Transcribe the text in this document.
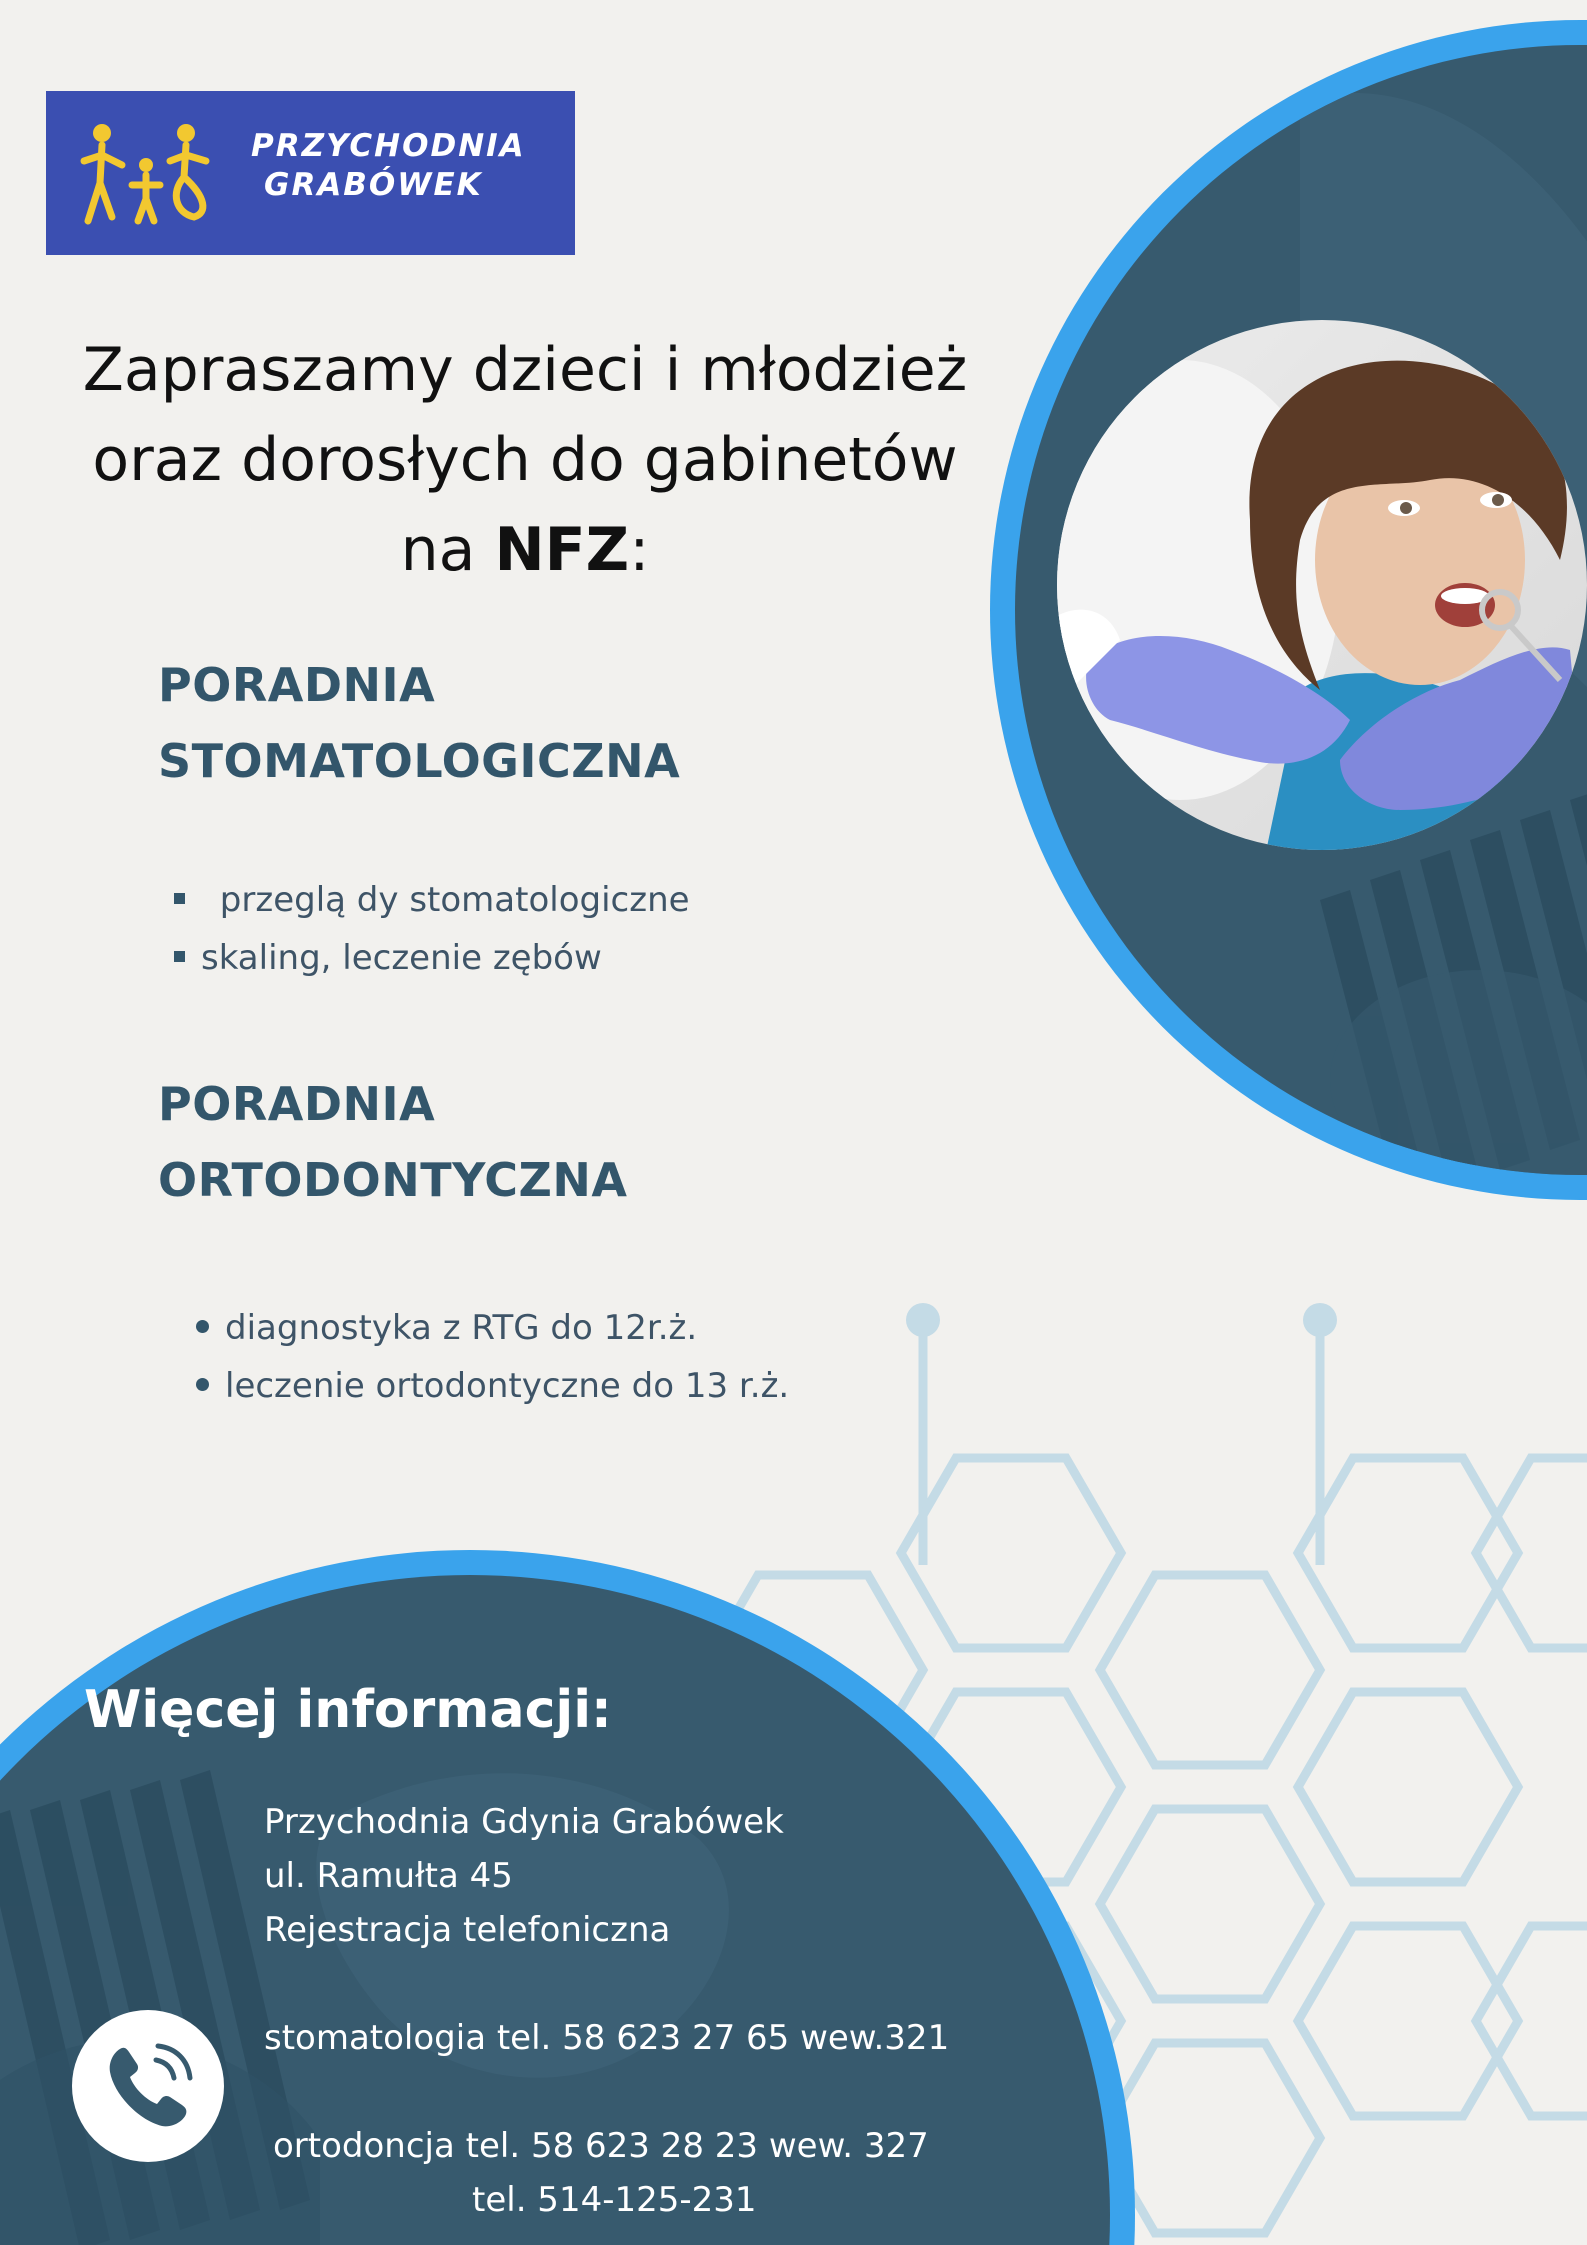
PRZYCHODNIA
GRABÓWEK
Zapraszamy dzieci i młodzież
oraz dorosłych do gabinetów
na NFZ:
PORADNIA
STOMATOLOGICZNA
przeglą dy stomatologiczne
skaling, leczenie zębów
PORADNIA
ORTODONTYCZNA
diagnostyka z RTG do 12r.ż.
leczenie ortodontyczne do 13 r.ż.
Więcej informacji:
Przychodnia Gdynia Grabówek
ul. Ramułta 45
Rejestracja telefoniczna
stomatologia tel. 58 623 27 65 wew.321
ortodoncja tel. 58 623 28 23 wew. 327
tel. 514-125-231
